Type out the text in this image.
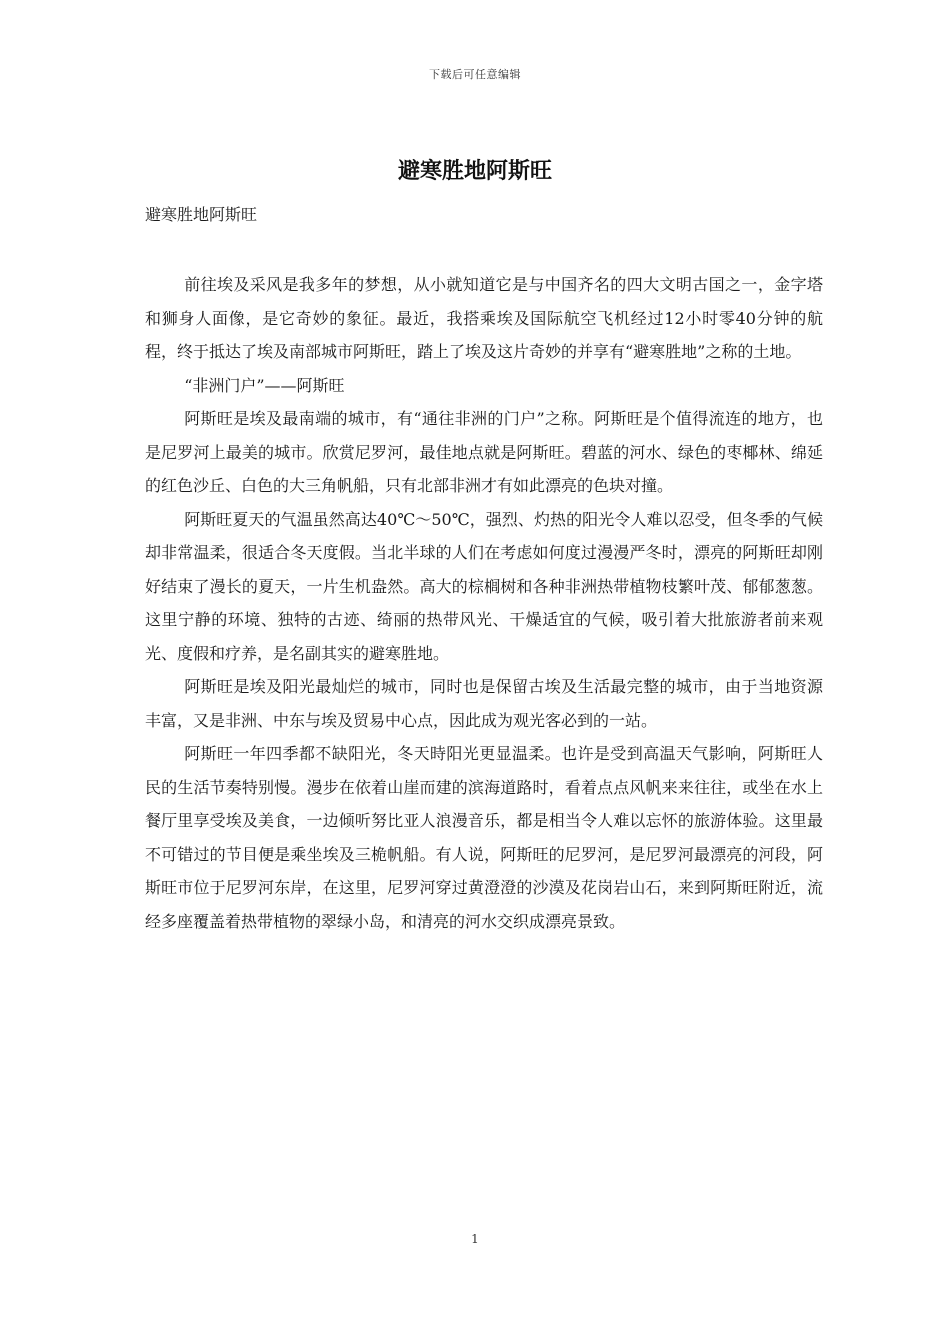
下载后可任意编辑
避寒胜地阿斯旺

避寒胜地阿斯旺

前往埃及采风是我多年的梦想，从小就知道它是与中国齐名的四大文明古国之一，金字塔和狮身人面像，是它奇妙的象征。最近，我搭乘埃及国际航空飞机经过12小时零40分钟的航程，终于抵达了埃及南部城市阿斯旺，踏上了埃及这片奇妙的并享有“避寒胜地”之称的土地。

“非洲门户”——阿斯旺

阿斯旺是埃及最南端的城市，有“通往非洲的门户”之称。阿斯旺是个值得流连的地方，也是尼罗河上最美的城市。欣赏尼罗河，最佳地点就是阿斯旺。碧蓝的河水、绿色的枣椰林、绵延的红色沙丘、白色的大三角帆船，只有北部非洲才有如此漂亮的色块对撞。

阿斯旺夏天的气温虽然高达40℃～50℃，强烈、灼热的阳光令人难以忍受，但冬季的气候却非常温柔，很适合冬天度假。当北半球的人们在考虑如何度过漫漫严冬时，漂亮的阿斯旺却刚好结束了漫长的夏天，一片生机盎然。高大的棕榈树和各种非洲热带植物枝繁叶茂、郁郁葱葱。这里宁静的环境、独特的古迹、绮丽的热带风光、干燥适宜的气候，吸引着大批旅游者前来观光、度假和疗养，是名副其实的避寒胜地。

阿斯旺是埃及阳光最灿烂的城市，同时也是保留古埃及生活最完整的城市，由于当地资源丰富，又是非洲、中东与埃及贸易中心点，因此成为观光客必到的一站。

阿斯旺一年四季都不缺阳光，冬天時阳光更显温柔。也许是受到高温天气影响，阿斯旺人民的生活节奏特别慢。漫步在依着山崖而建的滨海道路时，看着点点风帆来来往往，或坐在水上餐厅里享受埃及美食，一边倾听努比亚人浪漫音乐，都是相当令人难以忘怀的旅游体验。这里最不可错过的节目便是乘坐埃及三桅帆船。有人说，阿斯旺的尼罗河，是尼罗河最漂亮的河段，阿斯旺市位于尼罗河东岸，在这里，尼罗河穿过黄澄澄的沙漠及花岗岩山石，来到阿斯旺附近，流经多座覆盖着热带植物的翠绿小岛，和清亮的河水交织成漂亮景致。

1
